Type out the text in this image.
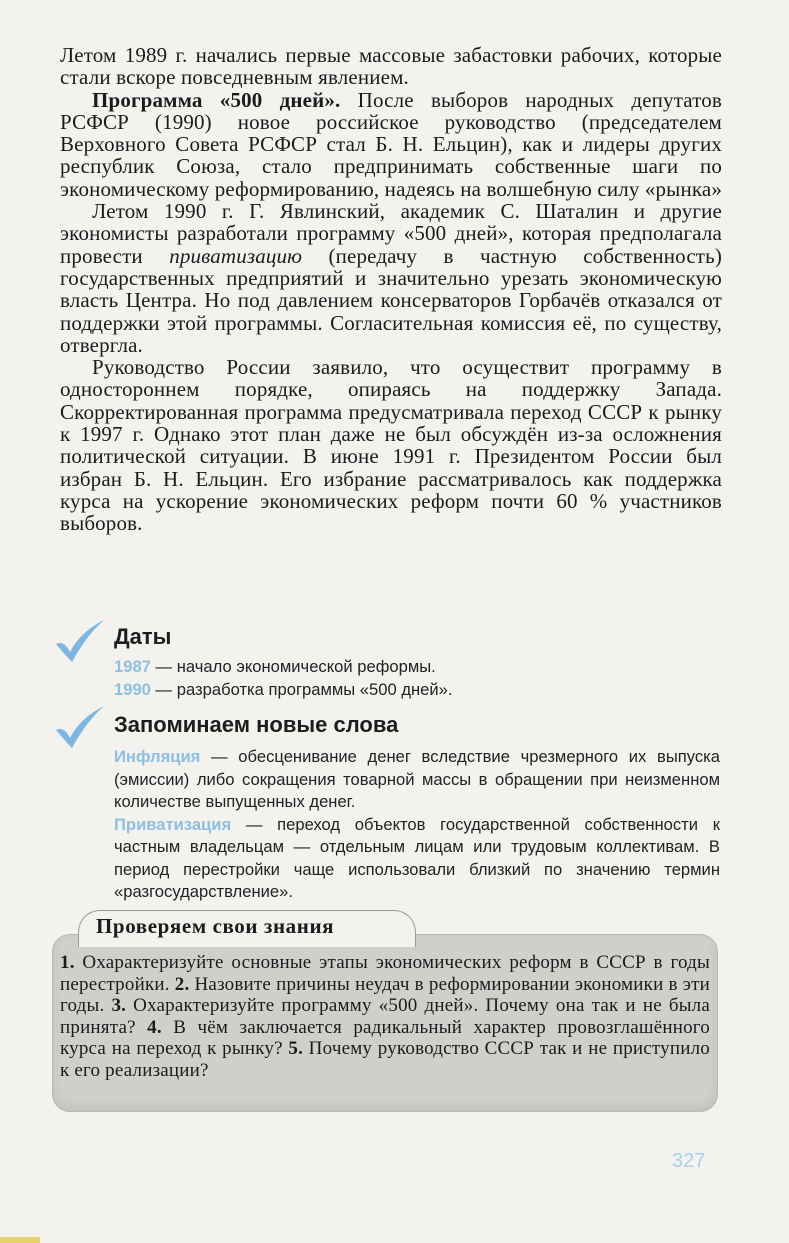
Летом 1989 г. начались первые массовые забастовки рабочих, которые стали вскоре повседневным явлением.

Программа «500 дней». После выборов народных депутатов РСФСР (1990) новое российское руководство (председателем Верховного Совета РСФСР стал Б. Н. Ельцин), как и лидеры других республик Союза, стало предпринимать собственные шаги по экономическому реформированию, надеясь на волшебную силу «рынка»

Летом 1990 г. Г. Явлинский, академик С. Шаталин и другие экономисты разработали программу «500 дней», которая предполагала провести приватизацию (передачу в частную собственность) государственных предприятий и значительно урезать экономическую власть Центра. Но под давлением консерваторов Горбачёв отказался от поддержки этой программы. Согласительная комиссия её, по существу, отвергла.

Руководство России заявило, что осуществит программу в одностороннем порядке, опираясь на поддержку Запада. Скорректированная программа предусматривала переход СССР к рынку к 1997 г. Однако этот план даже не был обсуждён из-за осложнения политической ситуации. В июне 1991 г. Президентом России был избран Б. Н. Ельцин. Его избрание рассматривалось как поддержка курса на ускорение экономических реформ почти 60 % участников выборов.

Даты
1987 — начало экономической реформы.
1990 — разработка программы «500 дней».
Запоминаем новые слова

Инфляция — обесценивание денег вследствие чрезмерного их выпуска (эмиссии) либо сокращения товарной массы в обращении при неизменном количестве выпущенных денег.

Приватизация — переход объектов государственной собственности к частным владельцам — отдельным лицам или трудовым коллективам. В период перестройки чаще использовали близкий по значению термин «разгосударствление».

Проверяем свои знания
1. Охарактеризуйте основные этапы экономических реформ в СССР в годы перестройки. 2. Назовите причины неудач в реформировании экономики в эти годы. 3. Охарактеризуйте программу «500 дней». Почему она так и не была принята? 4. В чём заключается радикальный характер провозглашённого курса на переход к рынку? 5. Почему руководство СССР так и не приступило к его реализации?
327
